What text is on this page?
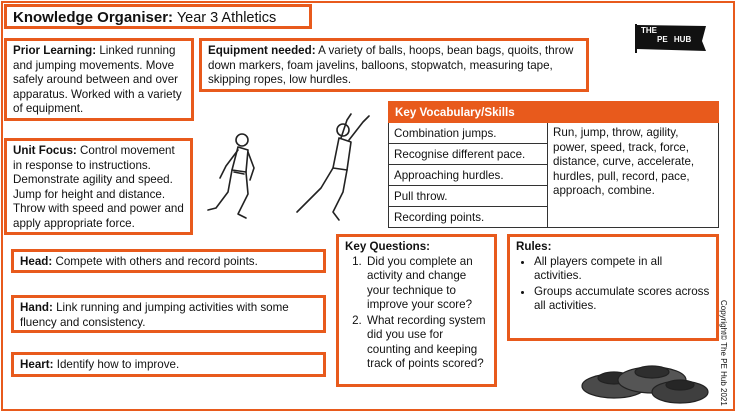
Knowledge Organiser: Year 3 Athletics
THE
PE HUB
Prior Learning: Linked running and jumping movements. Move safely around between and over apparatus. Worked with a variety of equipment.
Equipment needed: A variety of balls, hoops, bean bags, quoits, throw down markers, foam javelins, balloons, stopwatch, measuring tape, skipping ropes, low hurdles.
Key Vocabulary/Skills
Combination jumps.	Run, jump, throw, agility, power, speed, track, force, distance, curve, accelerate, hurdles, pull, record, pace, approach, combine.
Recognise different pace.
Approaching hurdles.
Pull throw.
Recording points.
Unit Focus: Control movement in response to instructions. Demonstrate agility and speed. Jump for height and distance. Throw with speed and power and apply appropriate force.
Head: Compete with others and record points.
Hand: Link running and jumping activities with some fluency and consistency.
Heart: Identify how to improve.
Key Questions:
1. Did you complete an activity and change your technique to improve your score?
2. What recording system did you use for counting and keeping track of points scored?
Rules:
• All players compete in all activities.
• Groups accumulate scores across all activities.	Copyright© The PE Hub 2021
